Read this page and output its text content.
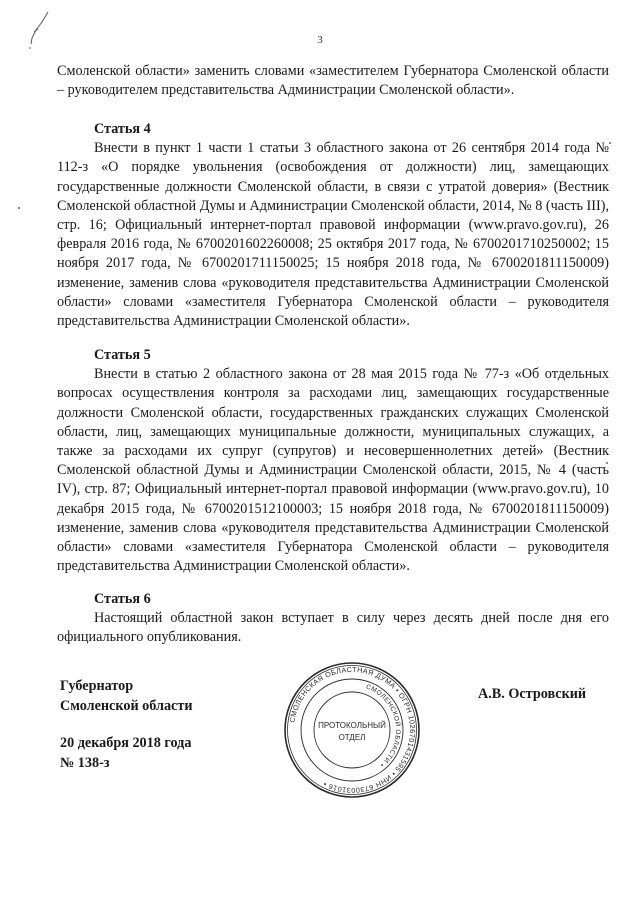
3

Смоленской области» заменить словами «заместителем Губернатора Смоленской области – руководителем представительства Администрации Смоленской области».

Статья 4

Внести в пункт 1 части 1 статьи 3 областного закона от 26 сентября 2014 года № 112-з «О порядке увольнения (освобождения от должности) лиц, замещающих государственные должности Смоленской области, в связи с утратой доверия» (Вестник Смоленской областной Думы и Администрации Смоленской области, 2014, № 8 (часть III), стр. 16; Официальный интернет-портал правовой информации (www.pravo.gov.ru), 26 февраля 2016 года, № 6700201602260008; 25 октября 2017 года, № 6700201710250002; 15 ноября 2017 года, № 6700201711150025; 15 ноября 2018 года, № 6700201811150009) изменение, заменив слова «руководителя представительства Администрации Смоленской области» словами «заместителя Губернатора Смоленской области – руководителя представительства Администрации Смоленской области».

Статья 5

Внести в статью 2 областного закона от 28 мая 2015 года № 77-з «Об отдельных вопросах осуществления контроля за расходами лиц, замещающих государственные должности Смоленской области, государственных гражданских служащих Смоленской области, лиц, замещающих муниципальные должности, муниципальных служащих, а также за расходами их супруг (супругов) и несовершеннолетних детей» (Вестник Смоленской областной Думы и Администрации Смоленской области, 2015, № 4 (часть IV), стр. 87; Официальный интернет-портал правовой информации (www.pravo.gov.ru), 10 декабря 2015 года, № 6700201512100003; 15 ноября 2018 года, № 6700201811150009) изменение, заменив слова «руководителя представительства Администрации Смоленской области» словами «заместителя Губернатора Смоленской области – руководителя представительства Администрации Смоленской области».

Статья 6

Настоящий областной закон вступает в силу через десять дней после дня его официального опубликования.

Губернатор
Смоленской области
20 декабря 2018 года
№ 138-з
А.В. Островский
СМОЛЕНСКАЯ ОБЛАСТНАЯ ДУМА • ОГРН 1026701431595 • ИНН 6730031016 •
СМОЛЕНСКОЙ ОБЛАСТИ •
ПРОТОКОЛЬНЫЙ
ОТДЕЛ
